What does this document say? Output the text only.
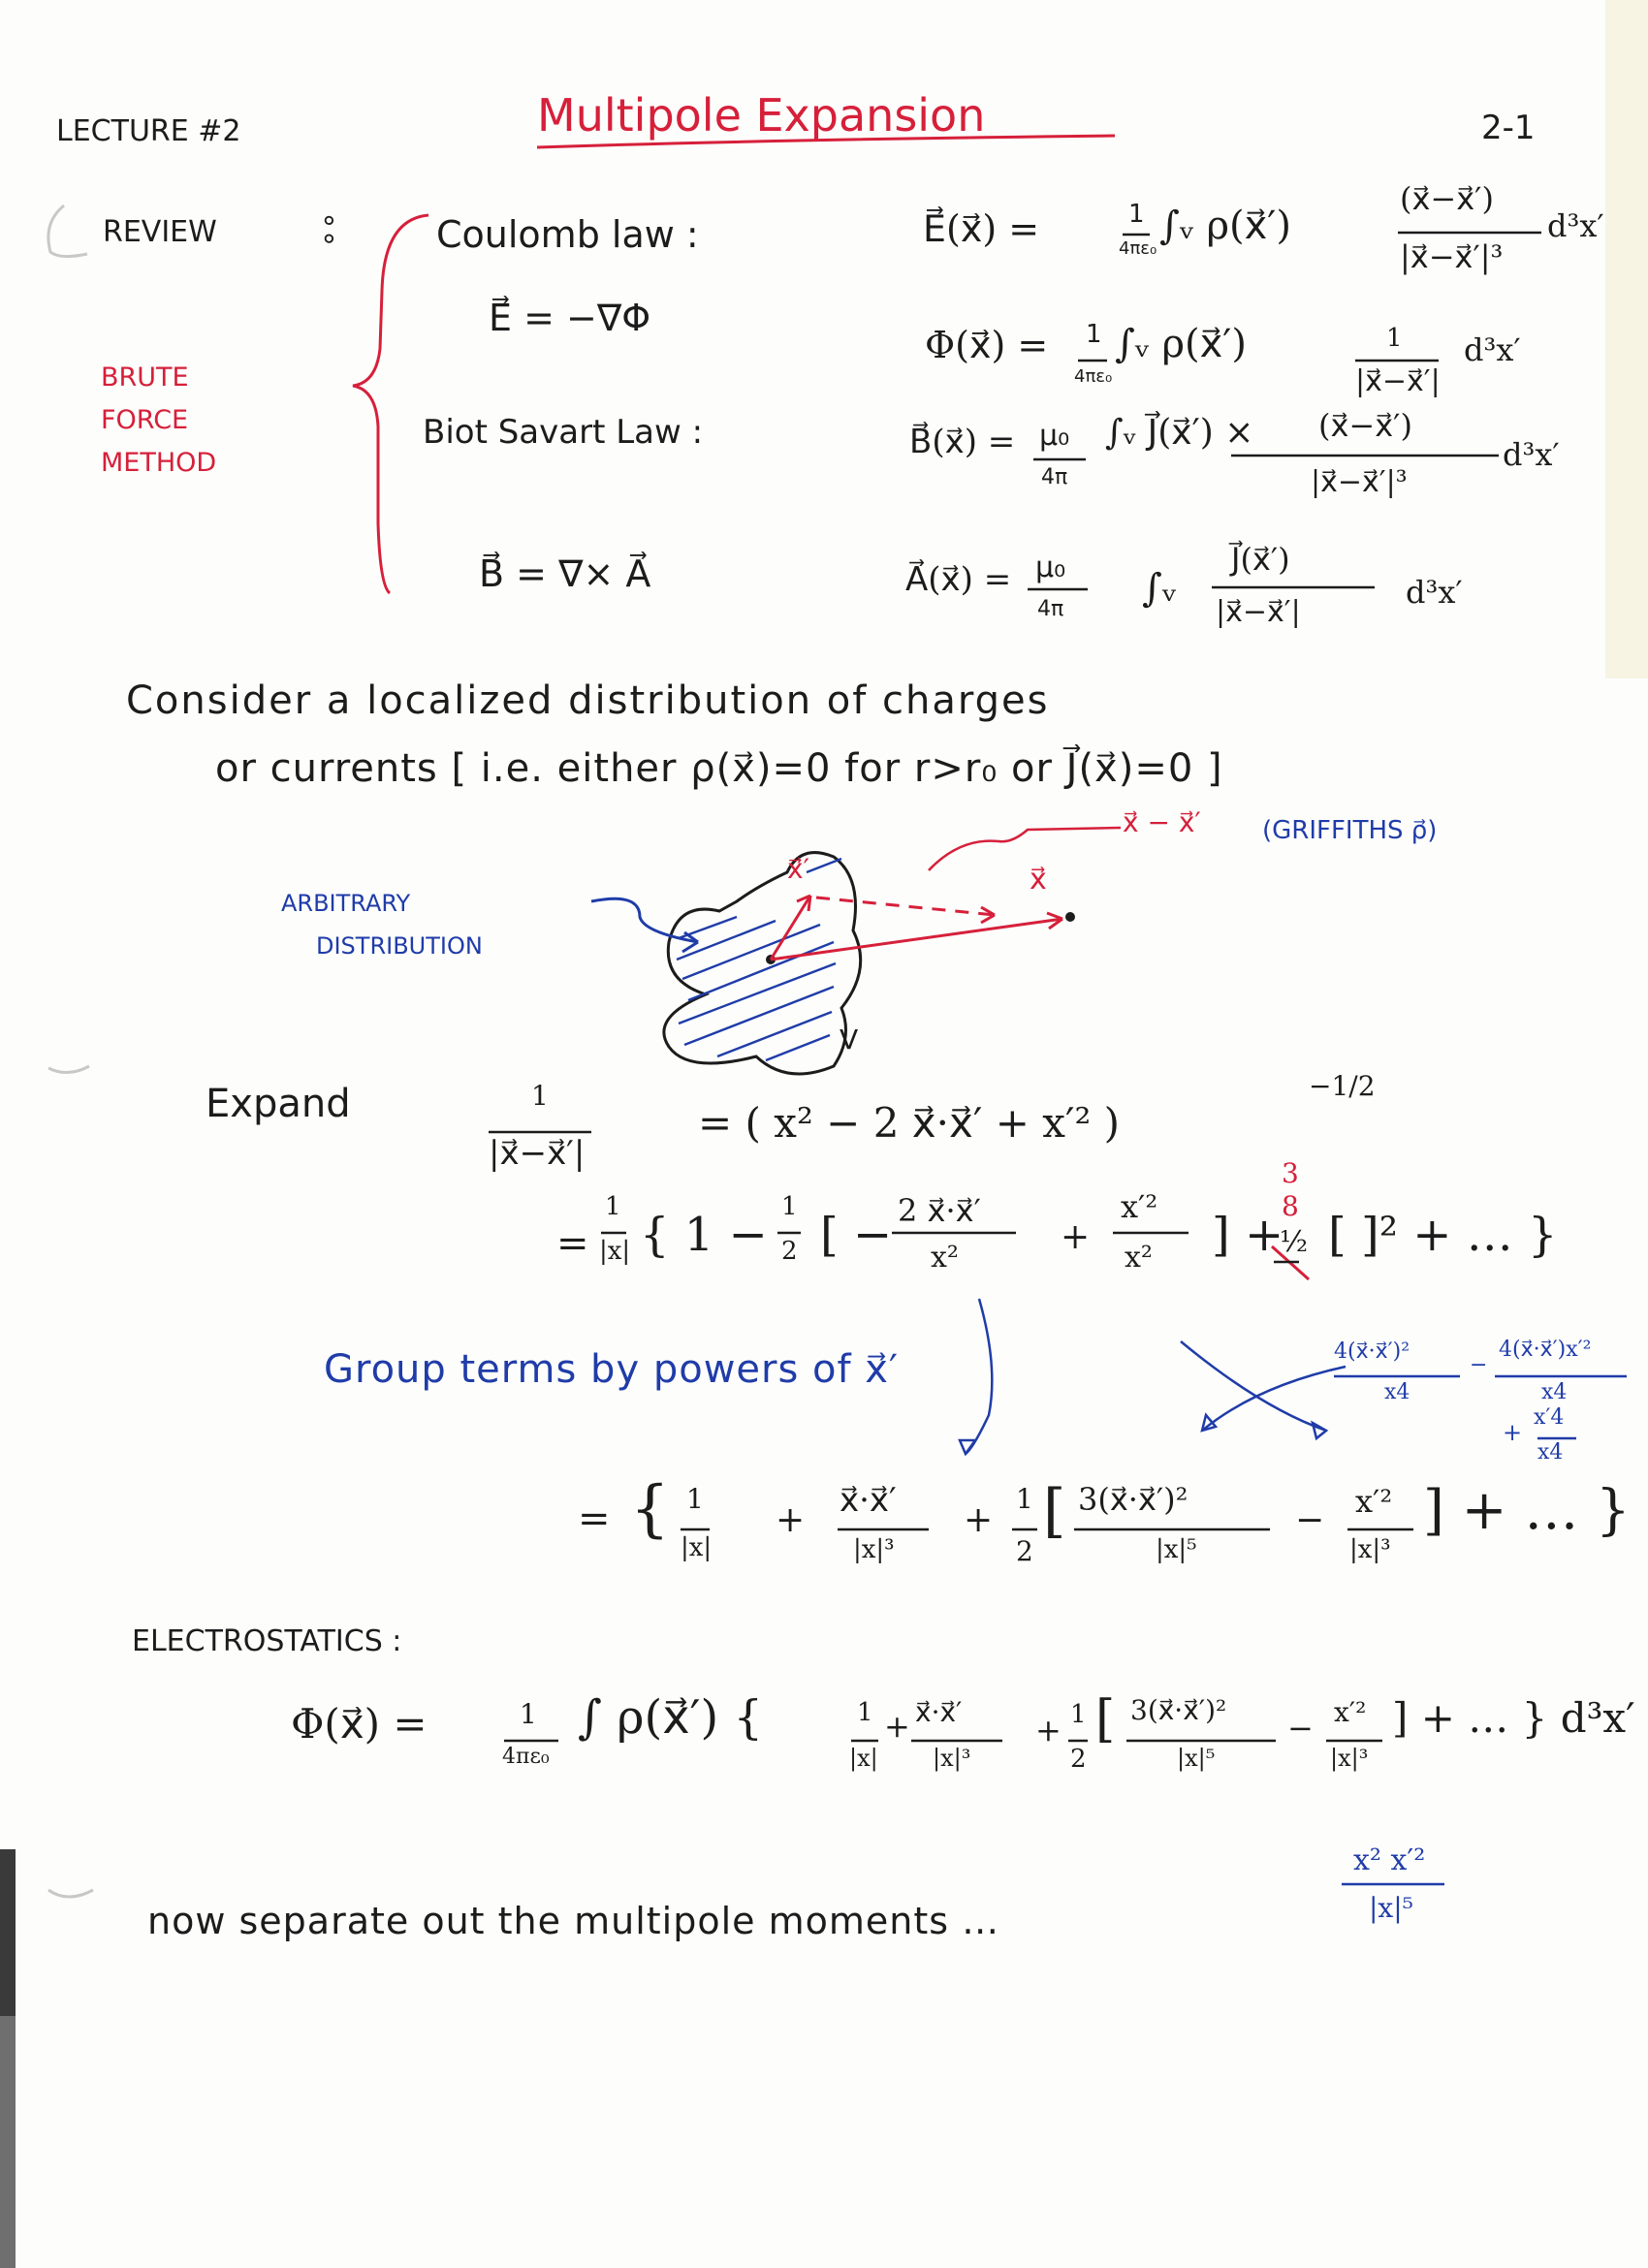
LECTURE #2	Multipole Expansion	2-1
REVIEW	∘∘
BRUTE
FORCE
METHOD
Coulomb law :
E⃗ = −∇Φ
Biot Savart Law :
B⃗ = ∇× A⃗
E⃗(x⃗) =	1
4πε₀
∫ᵥ ρ(x⃗′)
(x⃗−x⃗′)
|x⃗−x⃗′|³
d³x′
Φ(x⃗) = 1
4πε₀
∫ᵥ ρ(x⃗′)	1
|x⃗−x⃗′|
d³x′
B⃗(x⃗) = μ₀
4π
∫ᵥ J⃗(x⃗′) × (x⃗−x⃗′)
|x⃗−x⃗′|³
d³x′
A⃗(x⃗) = μ₀
4π ∫ᵥ
J⃗(x⃗′)
|x⃗−x⃗′|
d³x′
Consider a localized distribution of charges
or currents [ i.e. either ρ(x⃗)=0 for r>r₀ or J⃗(x⃗)=0 ]
ARBITRARY
DISTRIBUTION
x⃗′	x⃗
x⃗ − x⃗′ (GRIFFITHS ρ⃗)
V
Expand	1
|x⃗−x⃗′|
= ( x² − 2 x⃗·x⃗′ + x′² )
−1/2
=
1
|x| { 1 −
1
2 [ − 2 x⃗·x⃗′
x²
+
x′²
x² ] +
3
8
½ [ ]² + … }
Group terms by powers of x⃗′	4(x⃗·x⃗′)²
x4
−
4(x⃗·x⃗′)x′²
x4
+
x′4
x4
= { 1
|x|
+ x⃗·x⃗′
|x|³
+
1
2
[ 3(x⃗·x⃗′)²
|x|⁵
− x′²
|x|³
] + … }
ELECTROSTATICS :
Φ(x⃗) =	1
4πε₀
∫ ρ(x⃗′) {	1
|x|
+ x⃗·x⃗′
|x|³
+ 1
2
[ 3(x⃗·x⃗′)²
|x|⁵
− x′²
|x|³
] + … } d³x′
now separate out the multipole moments …
x² x′²
|x|⁵
